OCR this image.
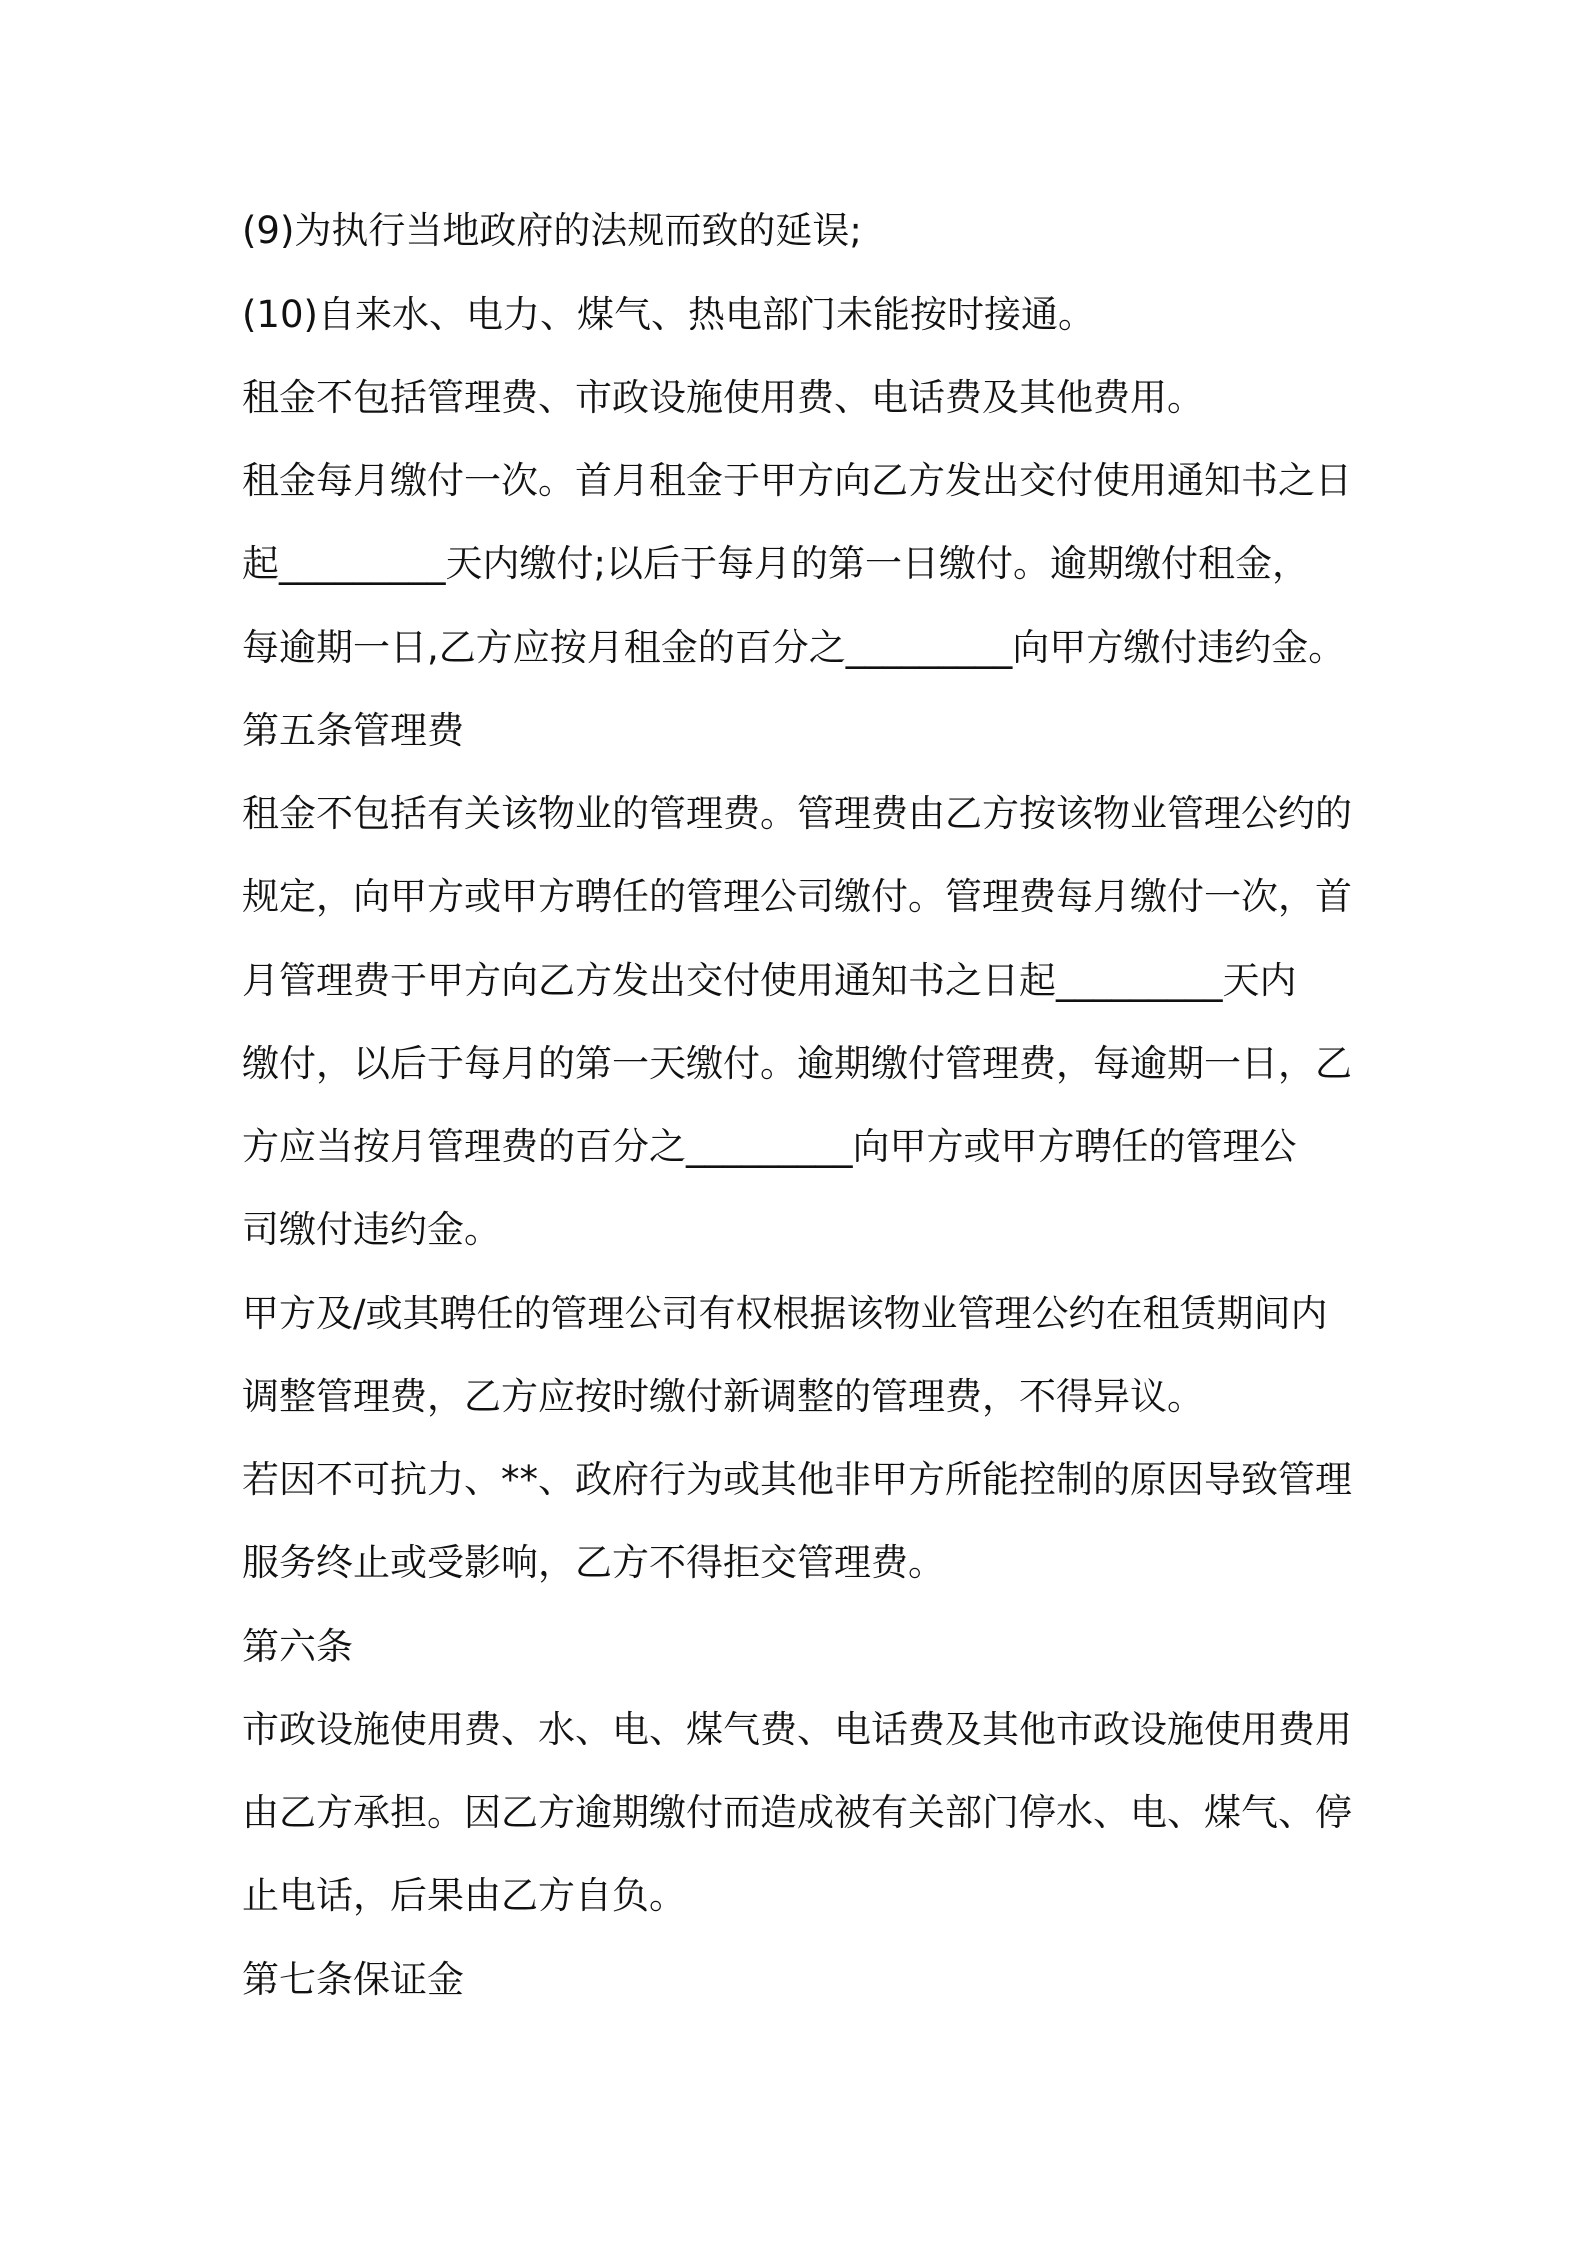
(9)为执行当地政府的法规而致的延误;
(10)自来水、电力、煤气、热电部门未能按时接通。
租金不包括管理费、市政设施使用费、电话费及其他费用。
租金每月缴付一次。首月租金于甲方向乙方发出交付使用通知书之日
起_________天内缴付;以后于每月的第一日缴付。逾期缴付租金，
每逾期一日,乙方应按月租金的百分之_________向甲方缴付违约金。
第五条管理费
租金不包括有关该物业的管理费。管理费由乙方按该物业管理公约的
规定，向甲方或甲方聘任的管理公司缴付。管理费每月缴付一次，首
月管理费于甲方向乙方发出交付使用通知书之日起_________天内
缴付，以后于每月的第一天缴付。逾期缴付管理费，每逾期一日，乙
方应当按月管理费的百分之_________向甲方或甲方聘任的管理公
司缴付违约金。
甲方及/或其聘任的管理公司有权根据该物业管理公约在租赁期间内
调整管理费，乙方应按时缴付新调整的管理费，不得异议。
若因不可抗力、**、政府行为或其他非甲方所能控制的原因导致管理
服务终止或受影响，乙方不得拒交管理费。
第六条
市政设施使用费、水、电、煤气费、电话费及其他市政设施使用费用
由乙方承担。因乙方逾期缴付而造成被有关部门停水、电、煤气、停
止电话，后果由乙方自负。
第七条保证金
